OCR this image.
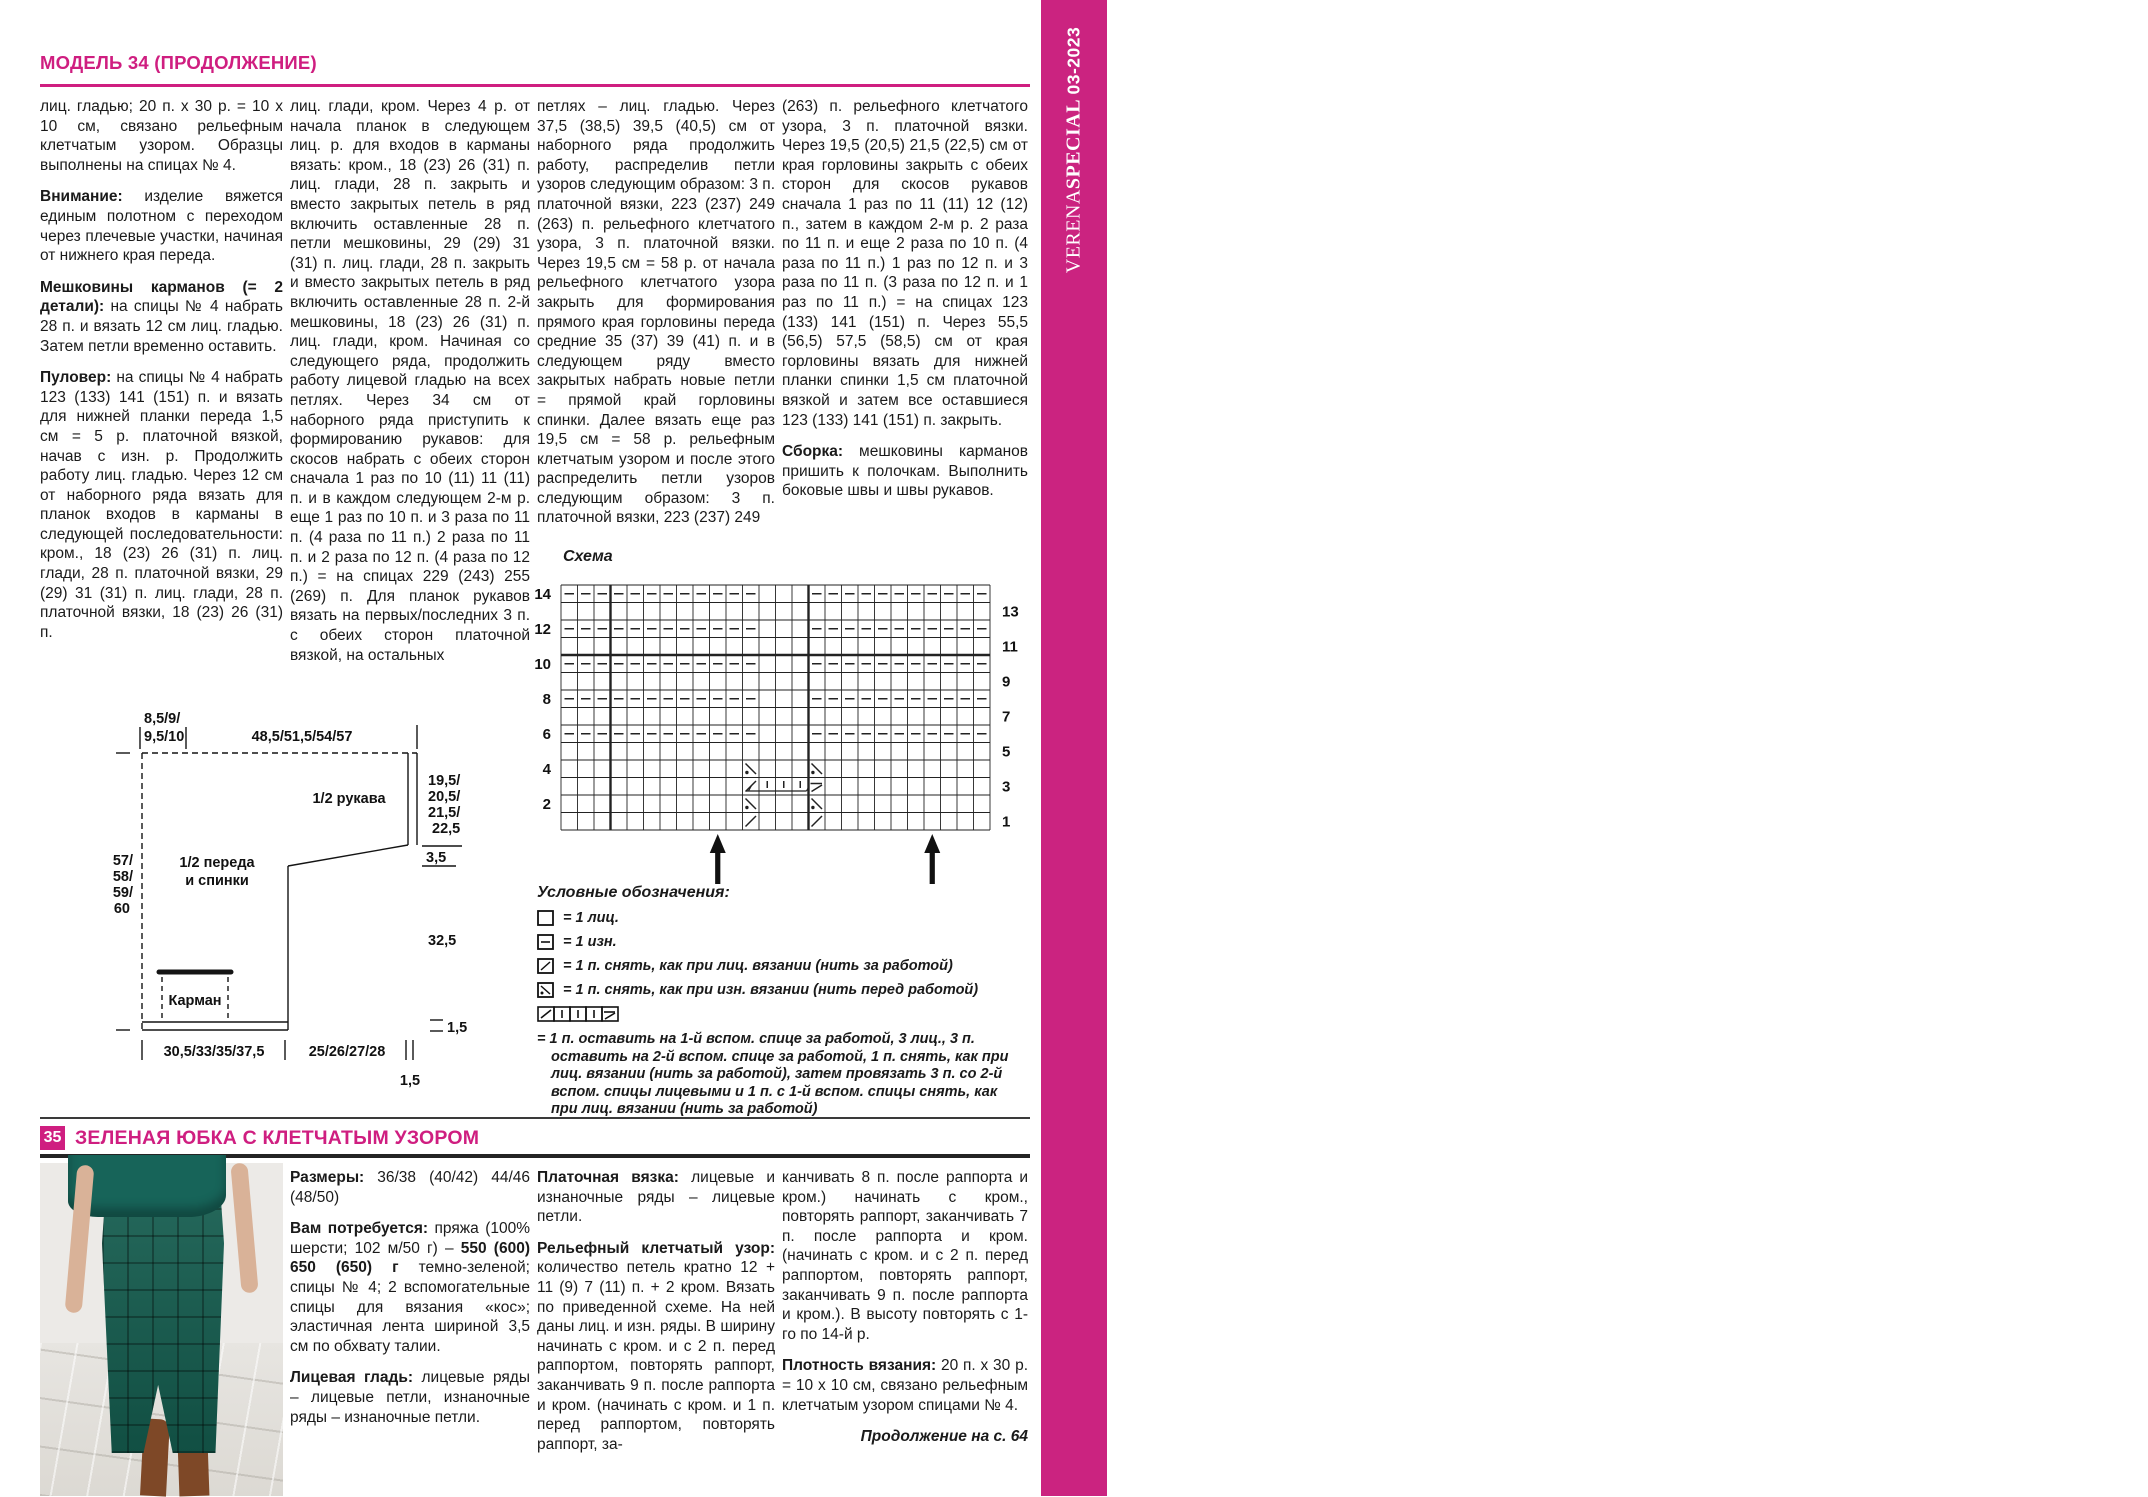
МОДЕЛЬ 34 (ПРОДОЛЖЕНИЕ)

лиц. гладью; 20 п. х 30 р. = 10 х 10 см, связано рельефным клетчатым узором. Образцы выполнены на спицах № 4.

Внимание: изделие вяжется единым полотном с переходом через плечевые участки, начиная от нижнего края переда.

Мешковины карманов (= 2 детали): на спицы № 4 набрать 28 п. и вязать 12 см лиц. гладью. Затем петли временно оставить.

Пуловер: на спицы № 4 набрать 123 (133) 141 (151) п. и вязать для нижней планки переда 1,5 см = 5 р. платочной вязкой, начав с изн. р. Продолжить работу лиц. гладью. Через 12 см от наборного ряда вязать для планок входов в карманы в следующей последовательности: кром., 18 (23) 26 (31) п. лиц. глади, 28 п. платочной вязки, 29 (29) 31 (31) п. лиц. глади, 28 п. платочной вязки, 18 (23) 26 (31) п.

лиц. глади, кром. Через 4 р. от начала планок в следующем лиц. р. для входов в карманы вязать: кром., 18 (23) 26 (31) п. лиц. глади, 28 п. закрыть и вместо закрытых петель в ряд включить оставленные 28 п. петли мешковины, 29 (29) 31 (31) п. лиц. глади, 28 п. закрыть и вместо закрытых петель в ряд включить оставленные 28 п. 2-й мешковины, 18 (23) 26 (31) п. лиц. глади, кром. Начиная со следующего ряда, продолжить работу лицевой гладью на всех петлях. Через 34 см от наборного ряда приступить к формированию рукавов: для скосов набрать с обеих сторон сначала 1 раз по 10 (11) 11 (11) п. и в каждом следующем 2-м р. еще 1 раз по 10 п. и 3 раза по 11 п. (4 раза по 11 п.) 2 раза по 11 п. и 2 раза по 12 п. (4 раза по 12 п.) = на спицах 229 (243) 255 (269) п. Для планок рукавов вязать на первых/последних 3 п. с обеих сторон платочной вязкой, на остальных

петлях – лиц. гладью. Через 37,5 (38,5) 39,5 (40,5) см от наборного ряда продолжить работу, распределив петли узоров следующим образом: 3 п. платочной вязки, 223 (237) 249 (263) п. рельефного клетчатого узора, 3 п. платочной вязки. Через 19,5 см = 58 р. от начала рельефного клетчатого узора закрыть для формирования прямого края горловины переда средние 35 (37) 39 (41) п. и в следующем ряду вместо закрытых набрать новые петли = прямой край горловины спинки. Далее вязать еще раз 19,5 см = 58 р. рельефным клетчатым узором и после этого распределить петли узоров следующим образом: 3 п. платочной вязки, 223 (237) 249

(263) п. рельефного клетчатого узора, 3 п. платочной вязки. Через 19,5 (20,5) 21,5 (22,5) см от края горловины закрыть с обеих сторон для скосов рукавов сначала 1 раз по 11 (11) 12 (12) п., затем в каждом 2-м р. 2 раза по 11 п. и еще 2 раза по 10 п. (4 раза по 11 п.) 1 раз по 12 п. и 3 раза по 11 п. (3 раза по 12 п. и 1 раз по 11 п.) = на спицах 123 (133) 141 (151) п. Через 55,5 (56,5) 57,5 (58,5) см от края горловины вязать для нижней планки спинки 1,5 см платочной вязкой и затем все оставшиеся 123 (133) 141 (151) п. закрыть.

Сборка: мешковины карманов пришить к полочкам. Выполнить боковые швы и швы рукавов.

8,5/9/
9,5/10	48,5/51,5/54/57
1/2 рукава
19,5/
20,5/
21,5/
22,5
3,5
57/
58/
59/
60
1/2 переда
и спинки
32,5
Карман
1,5
30,5/33/35/37,5	25/26/27/28
1,5
Схема
14
12
10
8
6
4
2
13
11
9
7
5
3
1

Условные обозначения:

= 1 лиц.
= 1 изн.
= 1 п. снять, как при лиц. вязании (нить за работой)
= 1 п. снять, как при изн. вязании (нить перед работой)

= 1 п. оставить на 1-й вспом. спице за работой, 3 лиц., 3 п. оставить на 2-й вспом. спице за работой, 1 п. снять, как при лиц. вязании (нить за работой), затем провязать 3 п. со 2-й вспом. спицы лицевыми и 1 п. с 1-й вспом. спицы снять, как при лиц. вязании (нить за работой)

35 ЗЕЛЕНАЯ ЮБКА С КЛЕТЧАТЫМ УЗОРОМ

Размеры: 36/38 (40/42) 44/46 (48/50)

Вам потребуется: пряжа (100% шерсти; 102 м/50 г) – 550 (600) 650 (650) г темно-зеленой; спицы № 4; 2 вспомогательные спицы для вязания «кос»; эластичная лента шириной 3,5 см по обхвату талии.

Лицевая гладь: лицевые ряды – лицевые петли, изнаночные ряды – изнаночные петли.

Платочная вязка: лицевые и изнаночные ряды – лицевые петли.

Рельефный клетчатый узор: количество петель кратно 12 + 11 (9) 7 (11) п. + 2 кром. Вязать по приведенной схеме. На ней даны лиц. и изн. ряды. В ширину начинать с кром. и с 2 п. перед раппортом, повторять раппорт, заканчивать 9 п. после раппорта и кром. (начинать с кром. и 1 п. перед раппортом, повторять раппорт, за-

канчивать 8 п. после раппорта и кром.) начинать с кром., повторять раппорт, заканчивать 7 п. после раппорта и кром. (начинать с кром. и с 2 п. перед раппортом, повторять раппорт, заканчивать 9 п. после раппорта и кром.). В высоту повторять с 1-го по 14-й р.

Плотность вязания: 20 п. х 30 р. = 10 х 10 см, связано рельефным клетчатым узором спицами № 4.

Продолжение на с. 64

VERENASPECIAL 03-2023
63
